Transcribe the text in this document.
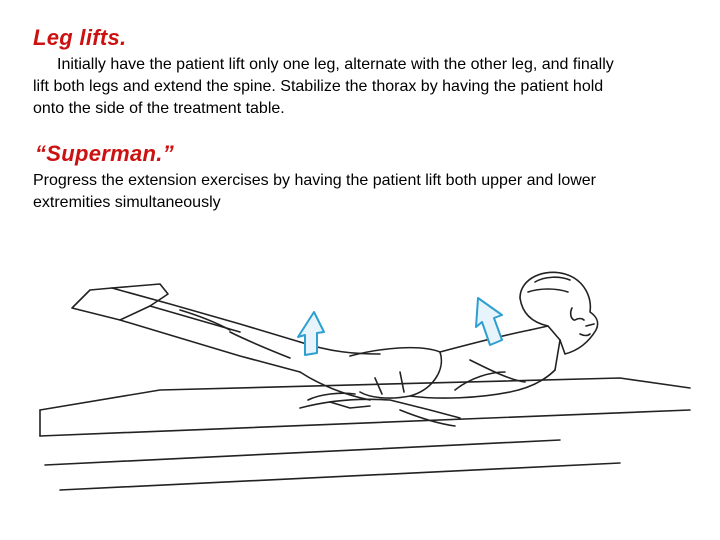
Leg lifts.
Initially have the patient lift only one leg, alternate with the other leg, and finally
lift both legs and extend the spine. Stabilize the thorax by having the patient hold
onto the side of the treatment table.
“Superman.”
Progress the extension exercises by having the patient lift both upper and lower
extremities simultaneously
